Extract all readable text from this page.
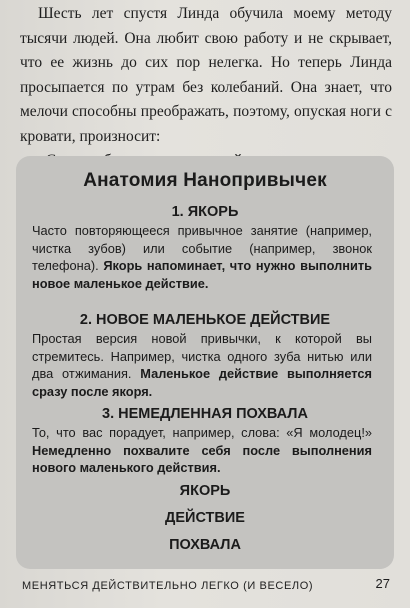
Шесть лет спустя Линда обучила моему методу тысячи людей. Она любит свою работу и не скрывает, что ее жизнь до сих пор нелегка. Но теперь Линда просыпается по утрам без колебаний. Она знает, что мелочи способны преображать, поэтому, опуская ноги с кровати, произносит:

Анатомия Нанопривычек
1. ЯКОРЬ

Часто повторяющееся привычное занятие (например, чистка зубов) или событие (например, звонок телефона). Якорь напоминает, что нужно выполнить новое маленькое действие.

2. НОВОЕ МАЛЕНЬКОЕ ДЕЙСТВИЕ

Простая версия новой привычки, к которой вы стремитесь. Например, чистка одного зуба нитью или два отжимания. Маленькое действие выполняется сразу после якоря.

3. НЕМЕДЛЕННАЯ ПОХВАЛА

То, что вас порадует, например, слова: «Я молодец!» Немедленно похвалите себя после выполнения нового маленького действия.

ЯКОРЬ
ДЕЙСТВИЕ
ПОХВАЛА
МЕНЯТЬСЯ ДЕЙСТВИТЕЛЬНО ЛЕГКО (И ВЕСЕЛО)	27
